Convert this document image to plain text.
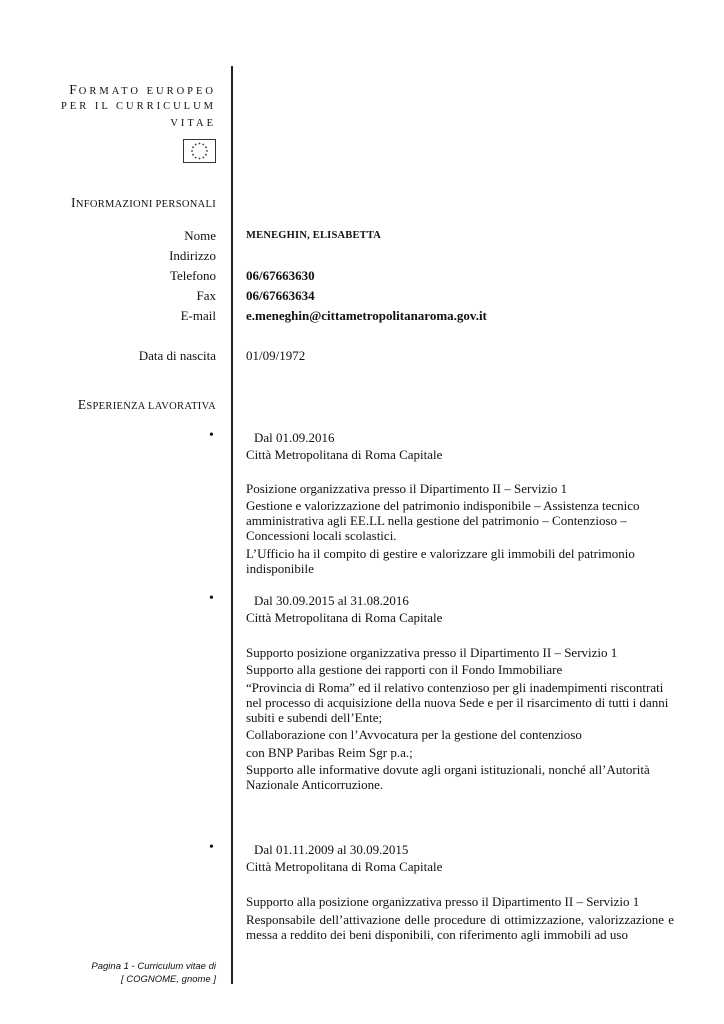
FORMATO EUROPEO
PER IL CURRICULUM
VITAE
INFORMAZIONI PERSONALI
Nome	MENEGHIN, ELISABETTA
Indirizzo
Telefono 06/67663630
Fax 06/67663634
E-mail e.meneghin@cittametropolitanaroma.gov.it
Data di nascita 01/09/1972
ESPERIENZA LAVORATIVA
•	Dal 01.09.2016
Città Metropolitana di Roma Capitale
Posizione organizzativa presso il Dipartimento II – Servizio 1
Gestione e valorizzazione del patrimonio indisponibile – Assistenza tecnico amministrativa agli EE.LL nella gestione del patrimonio – Contenzioso – Concessioni locali scolastici.
L’Ufficio ha il compito di gestire e valorizzare gli immobili del patrimonio indisponibile
•	Dal 30.09.2015 al 31.08.2016
Città Metropolitana di Roma Capitale
Supporto posizione organizzativa presso il Dipartimento II – Servizio 1
Supporto alla gestione dei rapporti con il Fondo Immobiliare
“Provincia di Roma” ed il relativo contenzioso per gli inadempimenti riscontrati nel processo di acquisizione della nuova Sede e per il risarcimento di tutti i danni subiti e subendi dell’Ente;
Collaborazione con l’Avvocatura per la gestione del contenzioso
con BNP Paribas Reim Sgr p.a.;
Supporto alle informative dovute agli organi istituzionali, nonché all’Autorità Nazionale Anticorruzione.
•	Dal 01.11.2009 al 30.09.2015
Città Metropolitana di Roma Capitale
Supporto alla posizione organizzativa presso il Dipartimento II – Servizio 1
Responsabile dell’attivazione delle procedure di ottimizzazione, valorizzazione e messa a reddito dei beni disponibili, con riferimento agli immobili ad uso
Pagina 1 - Curriculum vitae di
[ COGNOME, gnome ]
